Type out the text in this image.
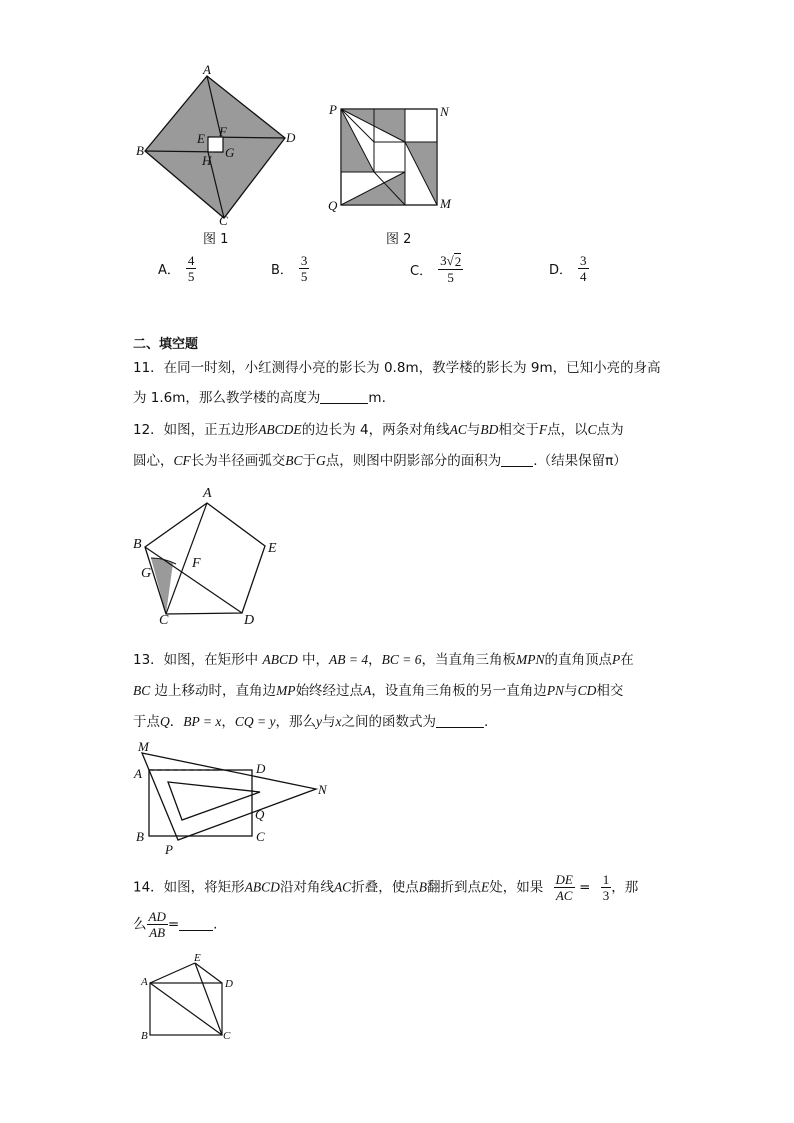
A
B
C
D
E F
G
H
图 1
P	N
Q	M
图 2
A． $\frac{4}{5}$	B． $\frac{3}{5}$	C． $\frac{3 √ 2}{5}$	D． $\frac{3}{4}$
二、填空题
11．在同一时刻，小红测得小亮的影长为 0.8m，教学楼的影长为 9m，已知小亮的身高
为 1.6m，那么教学楼的高度为	m.
12．如图，正五边形ABCDE的边长为 4，两条对角线AC与BD相交于F点，以C点为
圆心，CF长为半径画弧交BC于G点，则图中阴影部分的面积为 .（结果保留π）
A
B	E
G
F
C	D
13．如图，在矩形中 ABCD 中，AB = 4，BC = 6，当直角三角板MPN的直角顶点P在
BC 边上移动时，直角边MP始终经过点A，设直角三角板的另一直角边PN与CD相交
于点Q．BP = x，CQ = y，那么y与x之间的函数式为	.
M
A	D
N
Q
B	C
P
14．如图，将矩形ABCD沿对角线AC折叠，使点B翻折到点E处，如果 $\frac{DE}{AC} = \frac{1}{3}$ ，那
么 $\frac{AD}{AB}$ =	.
A
E
D
B	C
